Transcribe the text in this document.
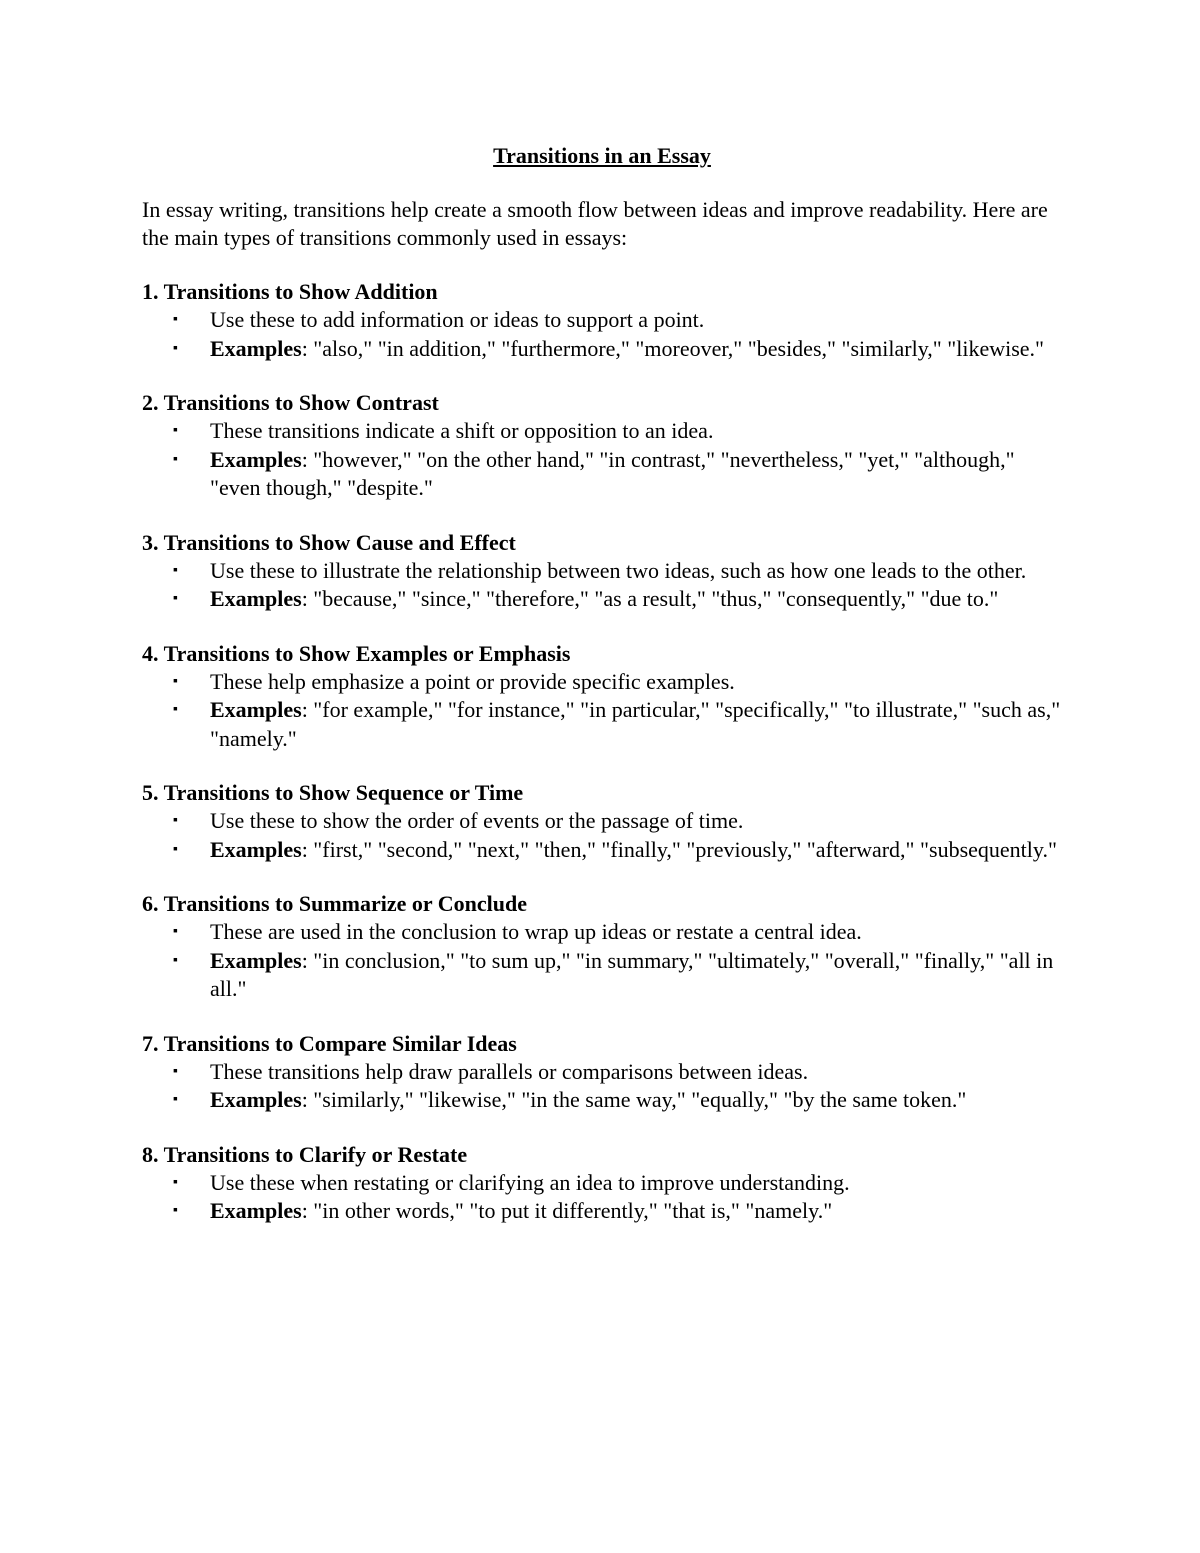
Transitions in an Essay

In essay writing, transitions help create a smooth flow between ideas and improve readability. Here are the main types of transitions commonly used in essays:

1. Transitions to Show Addition

▪ Use these to add information or ideas to support a point.
▪ Examples: "also," "in addition," "furthermore," "moreover," "besides," "similarly," "likewise."

2. Transitions to Show Contrast

▪ These transitions indicate a shift or opposition to an idea.
▪ Examples: "however," "on the other hand," "in contrast," "nevertheless," "yet," "although," "even though," "despite."

3. Transitions to Show Cause and Effect

▪ Use these to illustrate the relationship between two ideas, such as how one leads to the other.
▪ Examples: "because," "since," "therefore," "as a result," "thus," "consequently," "due to."

4. Transitions to Show Examples or Emphasis

▪ These help emphasize a point or provide specific examples.
▪ Examples: "for example," "for instance," "in particular," "specifically," "to illustrate," "such as," "namely."

5. Transitions to Show Sequence or Time

▪ Use these to show the order of events or the passage of time.
▪ Examples: "first," "second," "next," "then," "finally," "previously," "afterward," "subsequently."

6. Transitions to Summarize or Conclude

▪ These are used in the conclusion to wrap up ideas or restate a central idea.
▪ Examples: "in conclusion," "to sum up," "in summary," "ultimately," "overall," "finally," "all in all."

7. Transitions to Compare Similar Ideas

▪ These transitions help draw parallels or comparisons between ideas.
▪ Examples: "similarly," "likewise," "in the same way," "equally," "by the same token."

8. Transitions to Clarify or Restate

▪ Use these when restating or clarifying an idea to improve understanding.
▪ Examples: "in other words," "to put it differently," "that is," "namely."
